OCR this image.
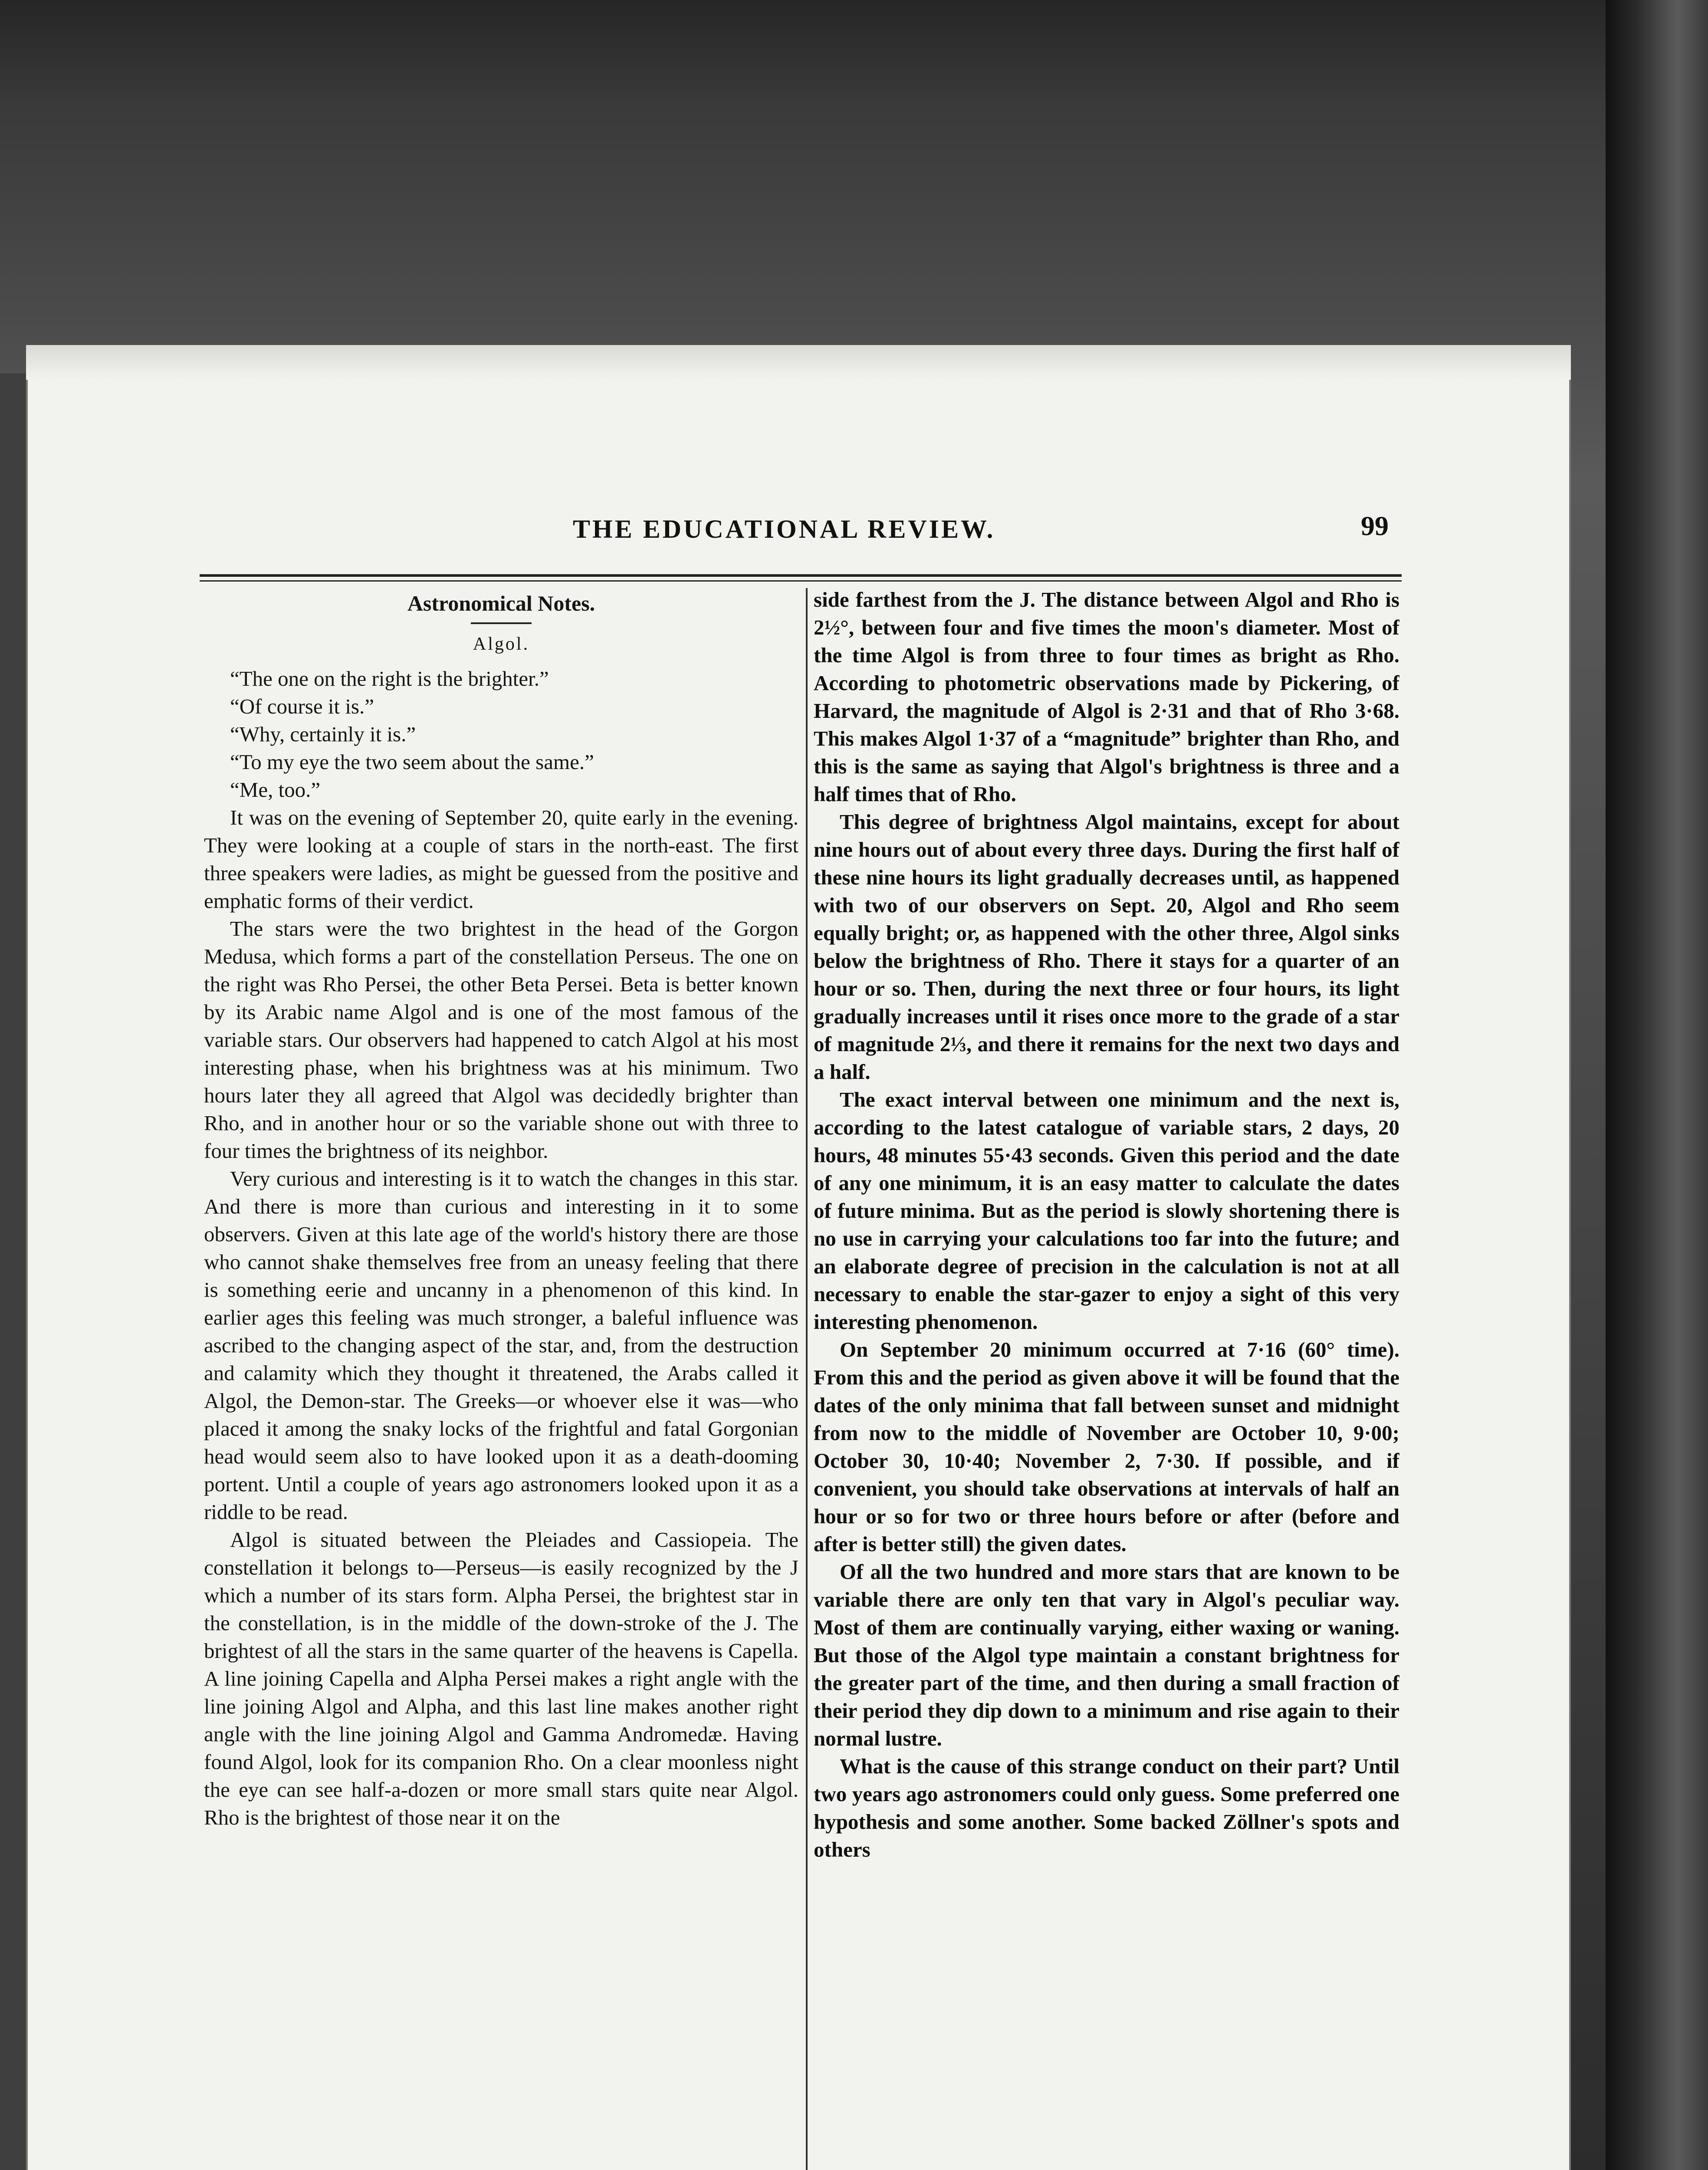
THE EDUCATIONAL REVIEW.	99
Astronomical Notes.
Algol.

“The one on the right is the brighter.”

“Of course it is.”

“Why, certainly it is.”

“To my eye the two seem about the same.”

“Me, too.”

It was on the evening of September 20, quite early in the evening. They were looking at a couple of stars in the north-east. The first three speakers were ladies, as might be guessed from the positive and emphatic forms of their verdict.

The stars were the two brightest in the head of the Gorgon Medusa, which forms a part of the constellation Perseus. The one on the right was Rho Persei, the other Beta Persei. Beta is better known by its Arabic name Algol and is one of the most famous of the variable stars. Our observers had happened to catch Algol at his most interesting phase, when his brightness was at his minimum. Two hours later they all agreed that Algol was decidedly brighter than Rho, and in another hour or so the variable shone out with three to four times the brightness of its neighbor.

Very curious and interesting is it to watch the changes in this star. And there is more than curious and interesting in it to some observers. Given at this late age of the world's history there are those who cannot shake themselves free from an uneasy feeling that there is something eerie and uncanny in a phenomenon of this kind. In earlier ages this feeling was much stronger, a baleful influence was ascribed to the changing aspect of the star, and, from the destruction and calamity which they thought it threatened, the Arabs called it Algol, the Demon-star. The Greeks—or whoever else it was—who placed it among the snaky locks of the frightful and fatal Gorgonian head would seem also to have looked upon it as a death-dooming portent. Until a couple of years ago astronomers looked upon it as a riddle to be read.

Algol is situated between the Pleiades and Cassiopeia. The constellation it belongs to—Perseus—is easily recognized by the J which a number of its stars form. Alpha Persei, the brightest star in the constellation, is in the middle of the down-stroke of the J. The brightest of all the stars in the same quarter of the heavens is Capella. A line joining Capella and Alpha Persei makes a right angle with the line joining Algol and Alpha, and this last line makes another right angle with the line joining Algol and Gamma Andromedæ. Having found Algol, look for its companion Rho. On a clear moonless night the eye can see half-a-dozen or more small stars quite near Algol. Rho is the brightest of those near it on the

side farthest from the J. The distance between Algol and Rho is 2½°, between four and five times the moon's diameter. Most of the time Algol is from three to four times as bright as Rho. According to photometric observations made by Pickering, of Harvard, the magnitude of Algol is 2·31 and that of Rho 3·68. This makes Algol 1·37 of a “magnitude” brighter than Rho, and this is the same as saying that Algol's brightness is three and a half times that of Rho.

This degree of brightness Algol maintains, except for about nine hours out of about every three days. During the first half of these nine hours its light gradually decreases until, as happened with two of our observers on Sept. 20, Algol and Rho seem equally bright; or, as happened with the other three, Algol sinks below the brightness of Rho. There it stays for a quarter of an hour or so. Then, during the next three or four hours, its light gradually increases until it rises once more to the grade of a star of magnitude 2⅓, and there it remains for the next two days and a half.

The exact interval between one minimum and the next is, according to the latest catalogue of variable stars, 2 days, 20 hours, 48 minutes 55·43 seconds. Given this period and the date of any one minimum, it is an easy matter to calculate the dates of future minima. But as the period is slowly shortening there is no use in carrying your calculations too far into the future; and an elaborate degree of precision in the calculation is not at all necessary to enable the star-gazer to enjoy a sight of this very interesting phenomenon.

On September 20 minimum occurred at 7·16 (60° time). From this and the period as given above it will be found that the dates of the only minima that fall between sunset and midnight from now to the middle of November are October 10, 9·00; October 30, 10·40; November 2, 7·30. If possible, and if convenient, you should take observations at intervals of half an hour or so for two or three hours before or after (before and after is better still) the given dates.

Of all the two hundred and more stars that are known to be variable there are only ten that vary in Algol's peculiar way. Most of them are continually varying, either waxing or waning. But those of the Algol type maintain a constant brightness for the greater part of the time, and then during a small fraction of their period they dip down to a minimum and rise again to their normal lustre.

What is the cause of this strange conduct on their part? Until two years ago astronomers could only guess. Some preferred one hypothesis and some another. Some backed Zöllner's spots and others
